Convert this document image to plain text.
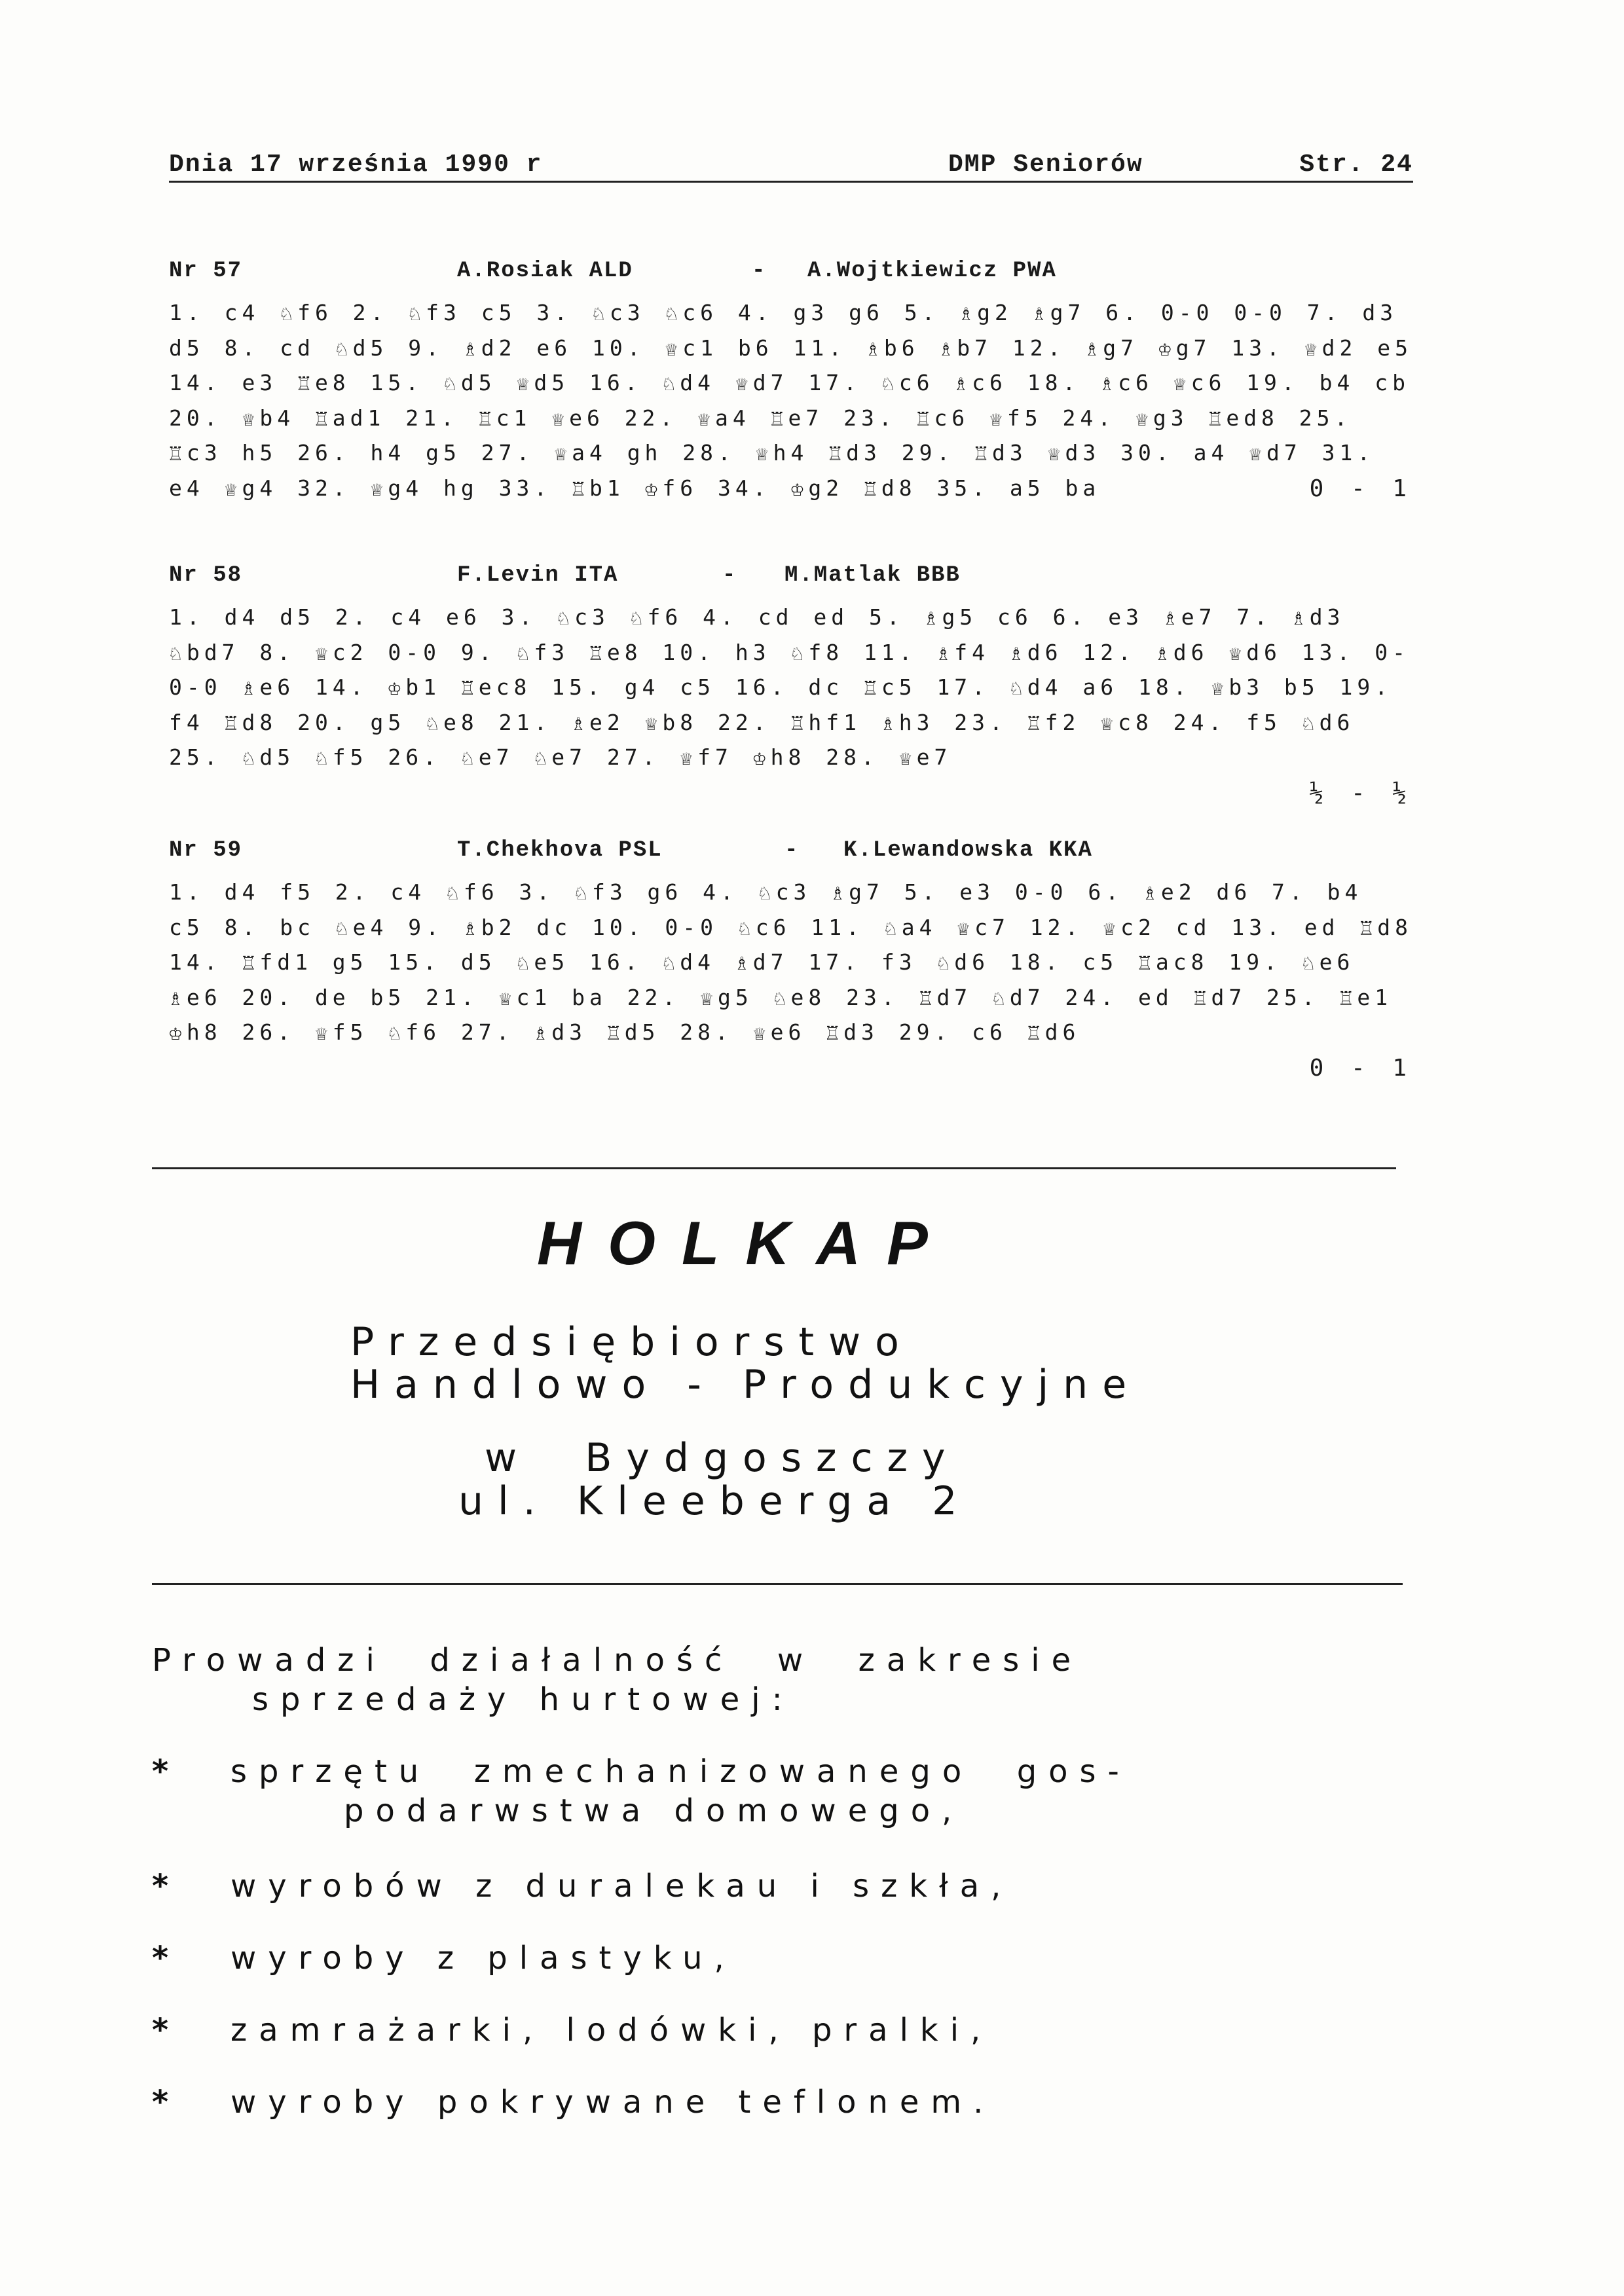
Dnia 17 września 1990 r	DMP Seniorów	Str. 24
Nr 57	A.Rosiak ALD	- A.Wojtkiewicz PWA

1. c4 ♘f6 2. ♘f3 c5 3. ♘c3 ♘c6 4. g3 g6 5. ♗g2 ♗g7 6. 0-0 0-0 7. d3 d5 8. cd ♘d5 9. ♗d2 e6 10. ♕c1 b6 11. ♗b6 ♗b7 12. ♗g7 ♔g7 13. ♕d2 e5 14. e3 ♖e8 15. ♘d5 ♕d5 16. ♘d4 ♕d7 17. ♘c6 ♗c6 18. ♗c6 ♕c6 19. b4 cb 20. ♕b4 ♖ad1 21. ♖c1 ♕e6 22. ♕a4 ♖e7 23. ♖c6 ♕f5 24. ♕g3 ♖ed8 25. ♖c3 h5 26. h4 g5 27. ♕a4 gh 28. ♕h4 ♖d3 29. ♖d3 ♕d3 30. a4 ♕d7 31. e4 ♕g4 32. ♕g4 hg 33. ♖b1 ♔f6 34. ♔g2 ♖d8 35. a5 ba	0 - 1
Nr 58	F.Levin ITA	- M.Matlak BBB

1. d4 d5 2. c4 e6 3. ♘c3 ♘f6 4. cd ed 5. ♗g5 c6 6. e3 ♗e7 7. ♗d3 ♘bd7 8. ♕c2 0-0 9. ♘f3 ♖e8 10. h3 ♘f8 11. ♗f4 ♗d6 12. ♗d6 ♕d6 13. 0-0-0 ♗e6 14. ♔b1 ♖ec8 15. g4 c5 16. dc ♖c5 17. ♘d4 a6 18. ♕b3 b5 19. f4 ♖d8 20. g5 ♘e8 21. ♗e2 ♕b8 22. ♖hf1 ♗h3 23. ♖f2 ♕c8 24. f5 ♘d6 25. ♘d5 ♘f5 26. ♘e7 ♘e7 27. ♕f7 ♔h8 28. ♕e7

½ - ½
Nr 59	T.Chekhova PSL	- K.Lewandowska KKA

1. d4 f5 2. c4 ♘f6 3. ♘f3 g6 4. ♘c3 ♗g7 5. e3 0-0 6. ♗e2 d6 7. b4 c5 8. bc ♘e4 9. ♗b2 dc 10. 0-0 ♘c6 11. ♘a4 ♕c7 12. ♕c2 cd 13. ed ♖d8 14. ♖fd1 g5 15. d5 ♘e5 16. ♘d4 ♗d7 17. f3 ♘d6 18. c5 ♖ac8 19. ♘e6 ♗e6 20. de b5 21. ♕c1 ba 22. ♕g5 ♘e8 23. ♖d7 ♘d7 24. ed ♖d7 25. ♖e1 ♔h8 26. ♕f5 ♘f6 27. ♗d3 ♖d5 28. ♕e6 ♖d3 29. c6 ♖d6

0 - 1
HOLKAP
Przedsiębiorstwo
Handlowo - Produkcyjne
w  Bydgoszczy
ul. Kleeberga 2
Prowadzi  działalność  w  zakresie
sprzedaży hurtowej:
* sprzętu  zmechanizowanego  gos-
podarwstwa domowego,
* wyrobów z duralekau i szkła,
* wyroby z plastyku,
* zamrażarki, lodówki, pralki,
* wyroby pokrywane teflonem.
